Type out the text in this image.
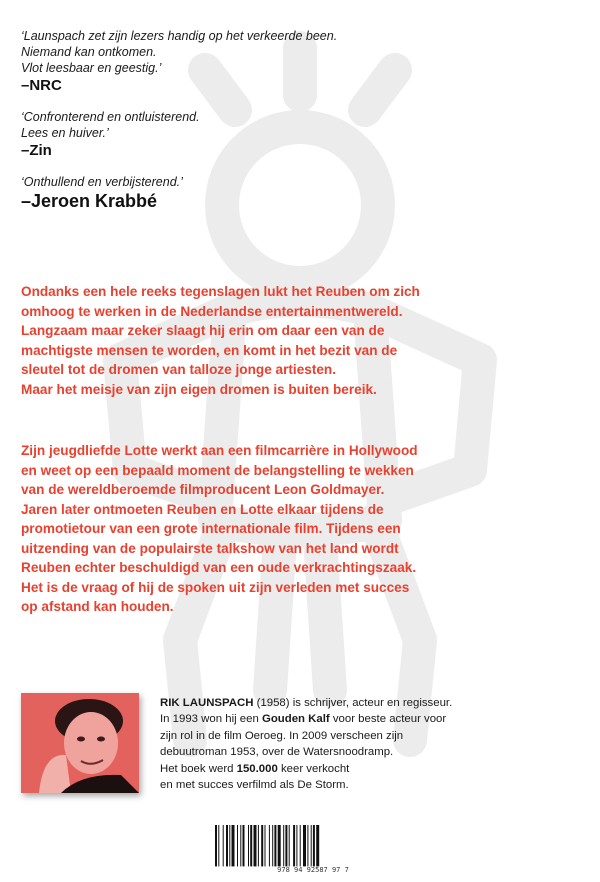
‘Launspach zet zijn lezers handig op het verkeerde been.
Niemand kan ontkomen.
Vlot leesbaar en geestig.’
–NRC
‘Confronterend en ontluisterend.
Lees en huiver.’
–Zin
‘Onthullend en verbijsterend.’
–Jeroen Krabbé
Ondanks een hele reeks tegenslagen lukt het Reuben om zich
omhoog te werken in de Nederlandse entertainmentwereld.
Langzaam maar zeker slaagt hij erin om daar een van de
machtigste mensen te worden, en komt in het bezit van de
sleutel tot de dromen van talloze jonge artiesten.
Maar het meisje van zijn eigen dromen is buiten bereik.
Zijn jeugdliefde Lotte werkt aan een filmcarrière in Hollywood
en weet op een bepaald moment de belangstelling te wekken
van de wereldberoemde filmproducent Leon Goldmayer.
Jaren later ontmoeten Reuben en Lotte elkaar tijdens de
promotietour van een grote internationale film. Tijdens een
uitzending van de populairste talkshow van het land wordt
Reuben echter beschuldigd van een oude verkrachtingszaak.
Het is de vraag of hij de spoken uit zijn verleden met succes
op afstand kan houden.
RIK LAUNSPACH (1958) is schrijver, acteur en regisseur.
In 1993 won hij een Gouden Kalf voor beste acteur voor
zijn rol in de film Oeroeg. In 2009 verscheen zijn
debuutroman 1953, over de Watersnoodramp.
Het boek werd 150.000 keer verkocht
en met succes verfilmd als De Storm.
978 94 92587 97 7
